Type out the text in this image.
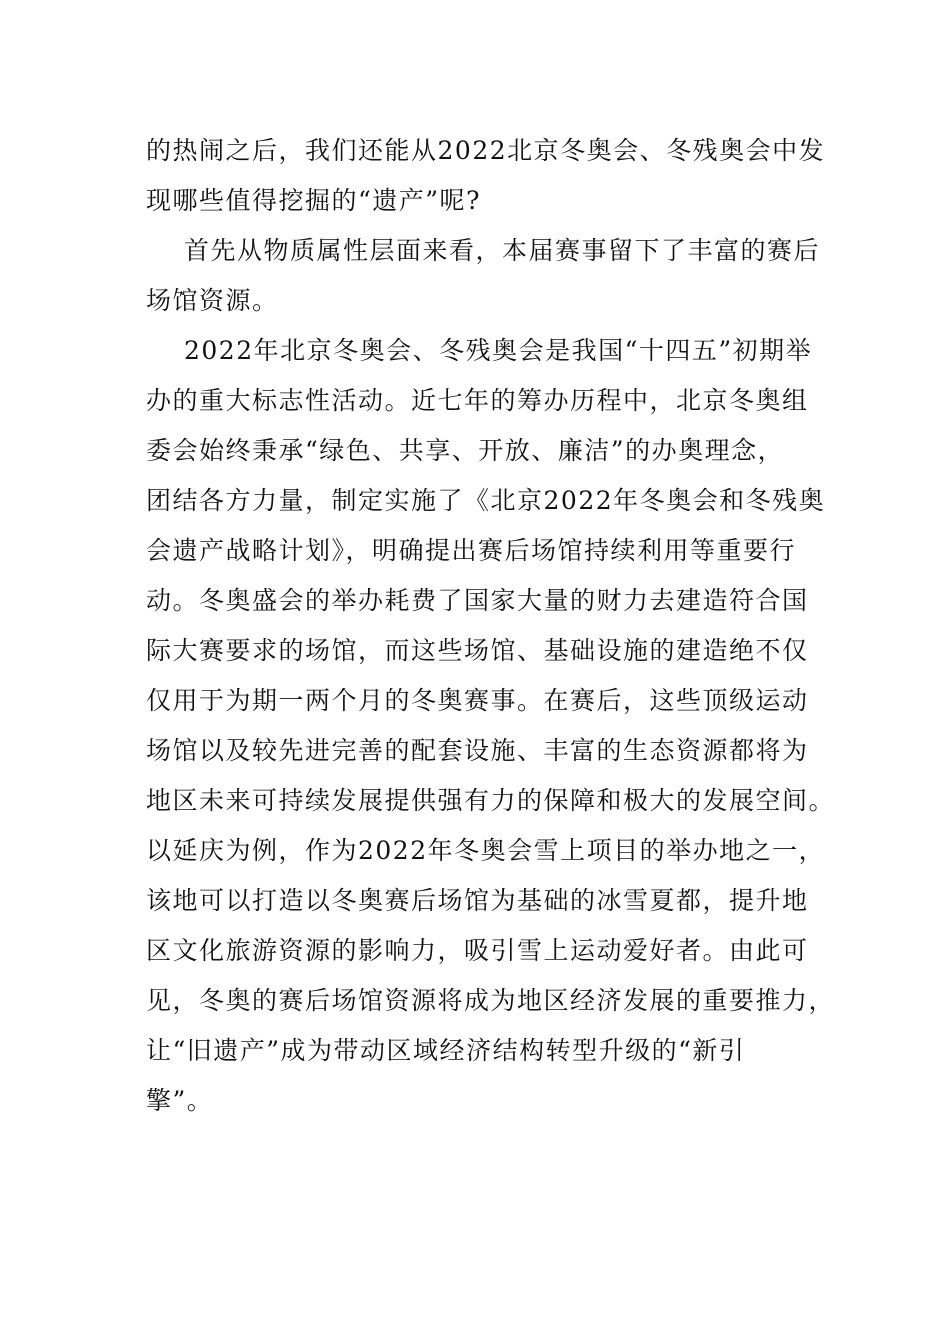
的热闹之后，我们还能从2022北京冬奥会、冬残奥会中发
现哪些值得挖掘的“遗产”呢?
首先从物质属性层面来看，本届赛事留下了丰富的赛后
场馆资源。
2022年北京冬奥会、冬残奥会是我国“十四五”初期举
办的重大标志性活动。近七年的筹办历程中，北京冬奥组
委会始终秉承“绿色、共享、开放、廉洁”的办奥理念，
团结各方力量，制定实施了《北京2022年冬奥会和冬残奥
会遗产战略计划》，明确提出赛后场馆持续利用等重要行
动。冬奥盛会的举办耗费了国家大量的财力去建造符合国
际大赛要求的场馆，而这些场馆、基础设施的建造绝不仅
仅用于为期一两个月的冬奥赛事。在赛后，这些顶级运动
场馆以及较先进完善的配套设施、丰富的生态资源都将为
地区未来可持续发展提供强有力的保障和极大的发展空间。
以延庆为例，作为2022年冬奥会雪上项目的举办地之一，
该地可以打造以冬奥赛后场馆为基础的冰雪夏都，提升地
区文化旅游资源的影响力，吸引雪上运动爱好者。由此可
见，冬奥的赛后场馆资源将成为地区经济发展的重要推力，
让“旧遗产”成为带动区域经济结构转型升级的“新引
擎”。
